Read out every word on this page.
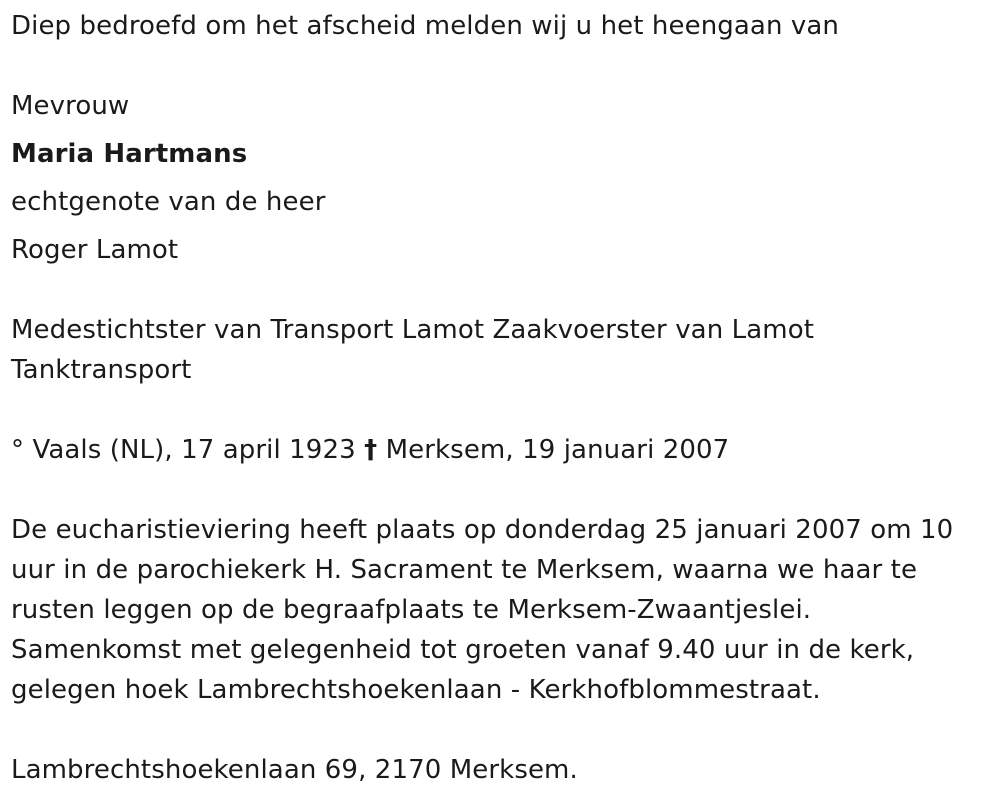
Diep bedroefd om het afscheid melden wij u het heengaan van
Mevrouw
Maria Hartmans
echtgenote van de heer
Roger Lamot
Medestichtster van Transport Lamot Zaakvoerster van Lamot
Tanktransport
° Vaals (NL), 17 april 1923 † Merksem, 19 januari 2007
De eucharistieviering heeft plaats op donderdag 25 januari 2007 om 10
uur in de parochiekerk H. Sacrament te Merksem, waarna we haar te
rusten leggen op de begraafplaats te Merksem-Zwaantjeslei.
Samenkomst met gelegenheid tot groeten vanaf 9.40 uur in de kerk,
gelegen hoek Lambrechtshoekenlaan - Kerkhofblommestraat.
Lambrechtshoekenlaan 69, 2170 Merksem.
